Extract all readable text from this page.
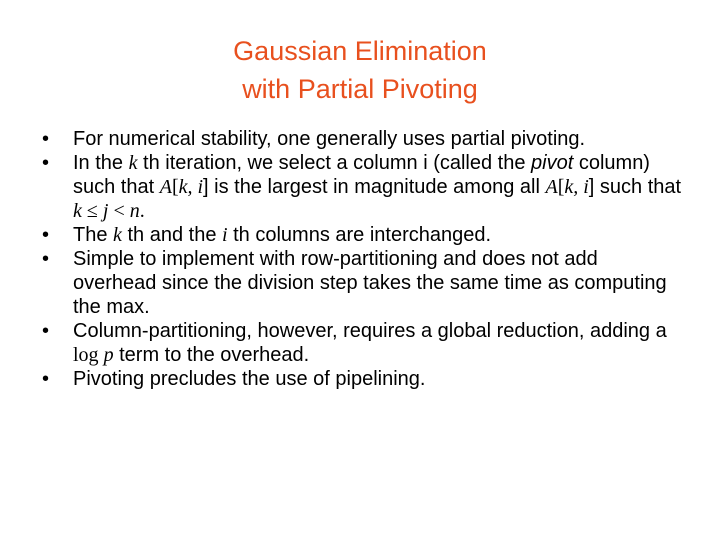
Gaussian Elimination
with Partial Pivoting
•	For numerical stability, one generally uses partial pivoting.
•	In the k th iteration, we select a column i (called the pivot column) such that A[k, i] is the largest in magnitude among all A[k, i] such that k ≤ j < n.
•	The k th and the i th columns are interchanged.
•	Simple to implement with row-partitioning and does not add overhead since the division step takes the same time as computing the max.
•	Column-partitioning, however, requires a global reduction, adding a log p term to the overhead.
•	Pivoting precludes the use of pipelining.
